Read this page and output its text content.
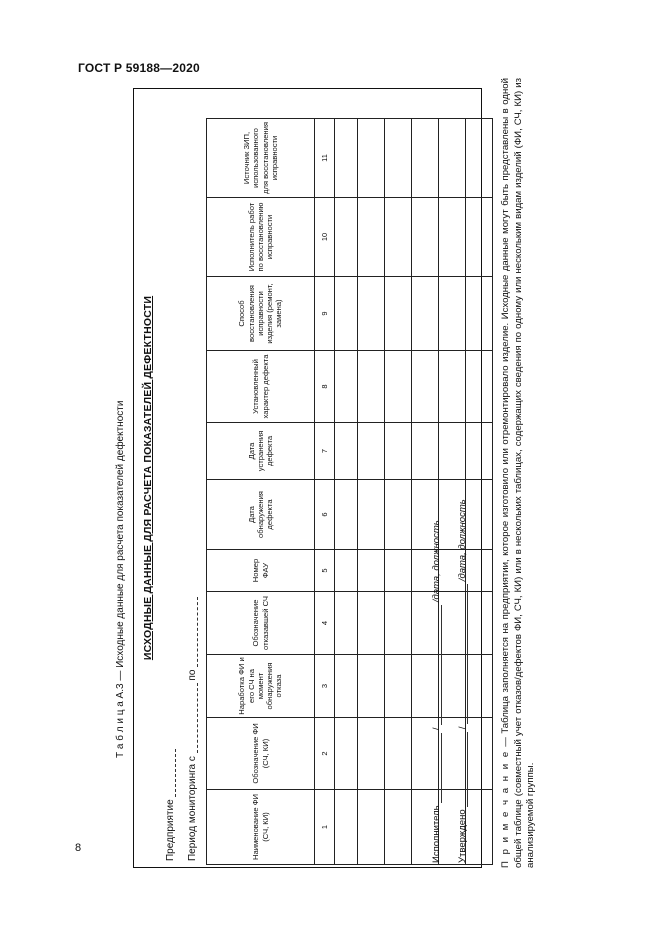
ГОСТ Р 59188—2020
8
Т а б л и ц а А.3 — Исходные данные для расчета показателей дефектности ИСХОДНЫЕ ДАННЫЕ ДЛЯ РАСЧЕТА ПОКАЗАТЕЛЕЙ ДЕФЕКТНОСТИ
Предприятие Период мониторинга с  по
Наименование ФИ (СЧ, КИ)	Обозначение ФИ (СЧ, КИ)	Наработка ФИ и его СЧ на момент обнаружения отказа	Обозначение отказавшей СЧ	Номер ФАУ	Дата обнаружения дефекта	Дата устранения дефекта	Установленный характер дефекта	Способ восстановления исправности изделия (ремонт, замена)	Исполнитель работ по восстановлению исправности	Источник ЗИП, использованного для восстановления исправности
1	2	3	4	5	6	7	8	9	10	11

Исполнитель  /  /дата, должность
Утверждено  /  /дата, должность
П р и м е ч а н и е — Таблица заполняется на предприятии, которое изготовило или отремонтировало изделие. Исходные данные могут быть представлены в одной общей таблице (совместный учет отказов/дефектов ФИ, СЧ, КИ) или в нескольких таблицах, содержащих сведения по одному или нескольким видам изделий (ФИ, СЧ, КИ) из анализируемой группы.
